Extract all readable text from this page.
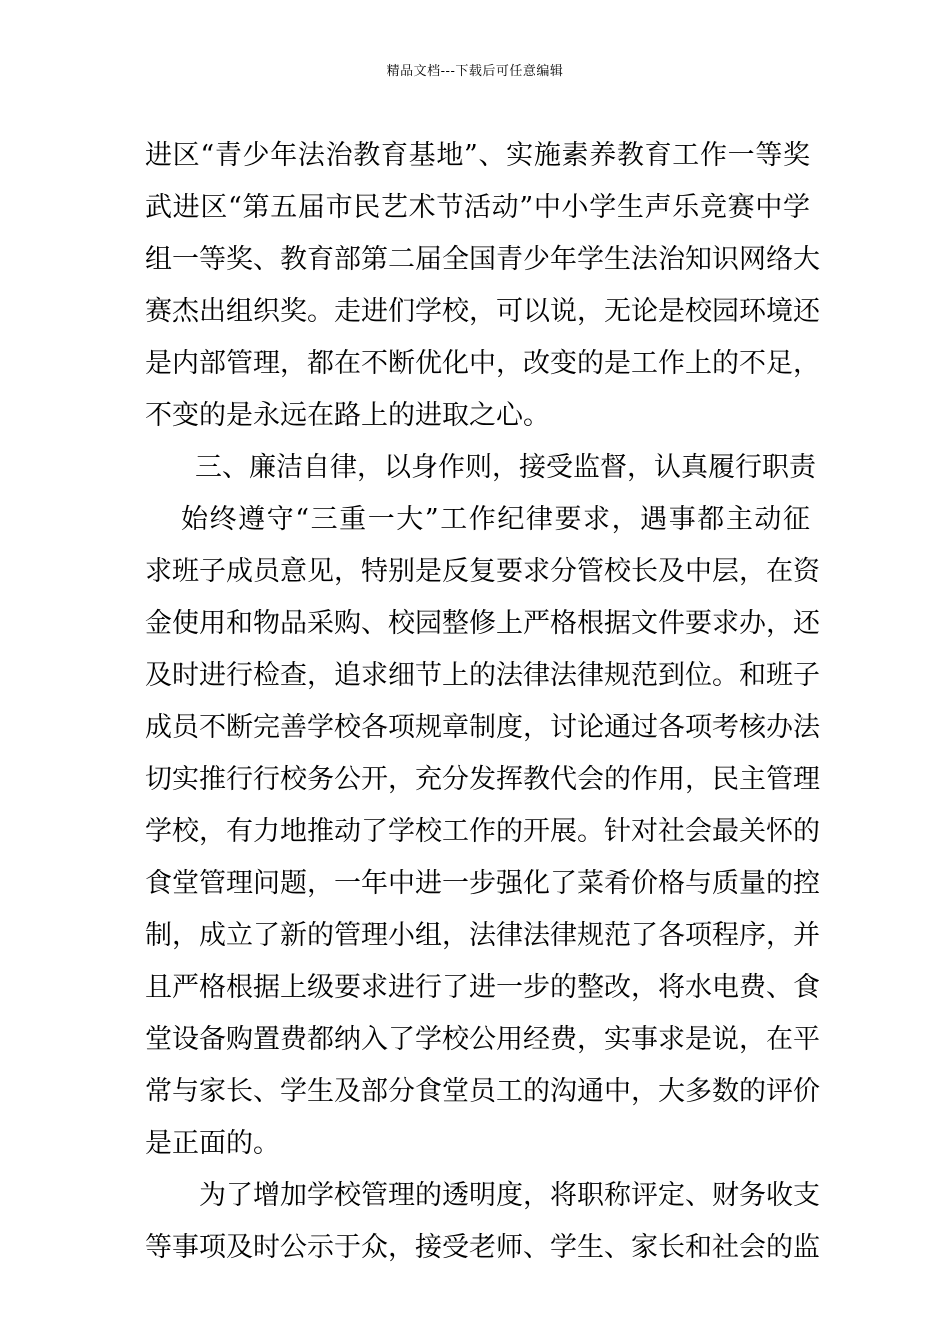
精品文档---下载后可任意编辑
进区“青少年法治教育基地”、实施素养教育工作一等奖
武进区“第五届市民艺术节活动”中小学生声乐竞赛中学
组一等奖、教育部第二届全国青少年学生法治知识网络大
赛杰出组织奖。走进们学校，可以说，无论是校园环境还
是内部管理，都在不断优化中，改变的是工作上的不足，
不变的是永远在路上的进取之心。
三、廉洁自律，以身作则，接受监督，认真履行职责
始终遵守“三重一大”工作纪律要求，遇事都主动征
求班子成员意见，特别是反复要求分管校长及中层，在资
金使用和物品采购、校园整修上严格根据文件要求办，还
及时进行检查，追求细节上的法律法律规范到位。和班子
成员不断完善学校各项规章制度，讨论通过各项考核办法
切实推行行校务公开，充分发挥教代会的作用，民主管理
学校，有力地推动了学校工作的开展。针对社会最关怀的
食堂管理问题，一年中进一步强化了菜肴价格与质量的控
制，成立了新的管理小组，法律法律规范了各项程序，并
且严格根据上级要求进行了进一步的整改，将水电费、食
堂设备购置费都纳入了学校公用经费，实事求是说，在平
常与家长、学生及部分食堂员工的沟通中，大多数的评价
是正面的。
为了增加学校管理的透明度，将职称评定、财务收支
等事项及时公示于众，接受老师、学生、家长和社会的监
